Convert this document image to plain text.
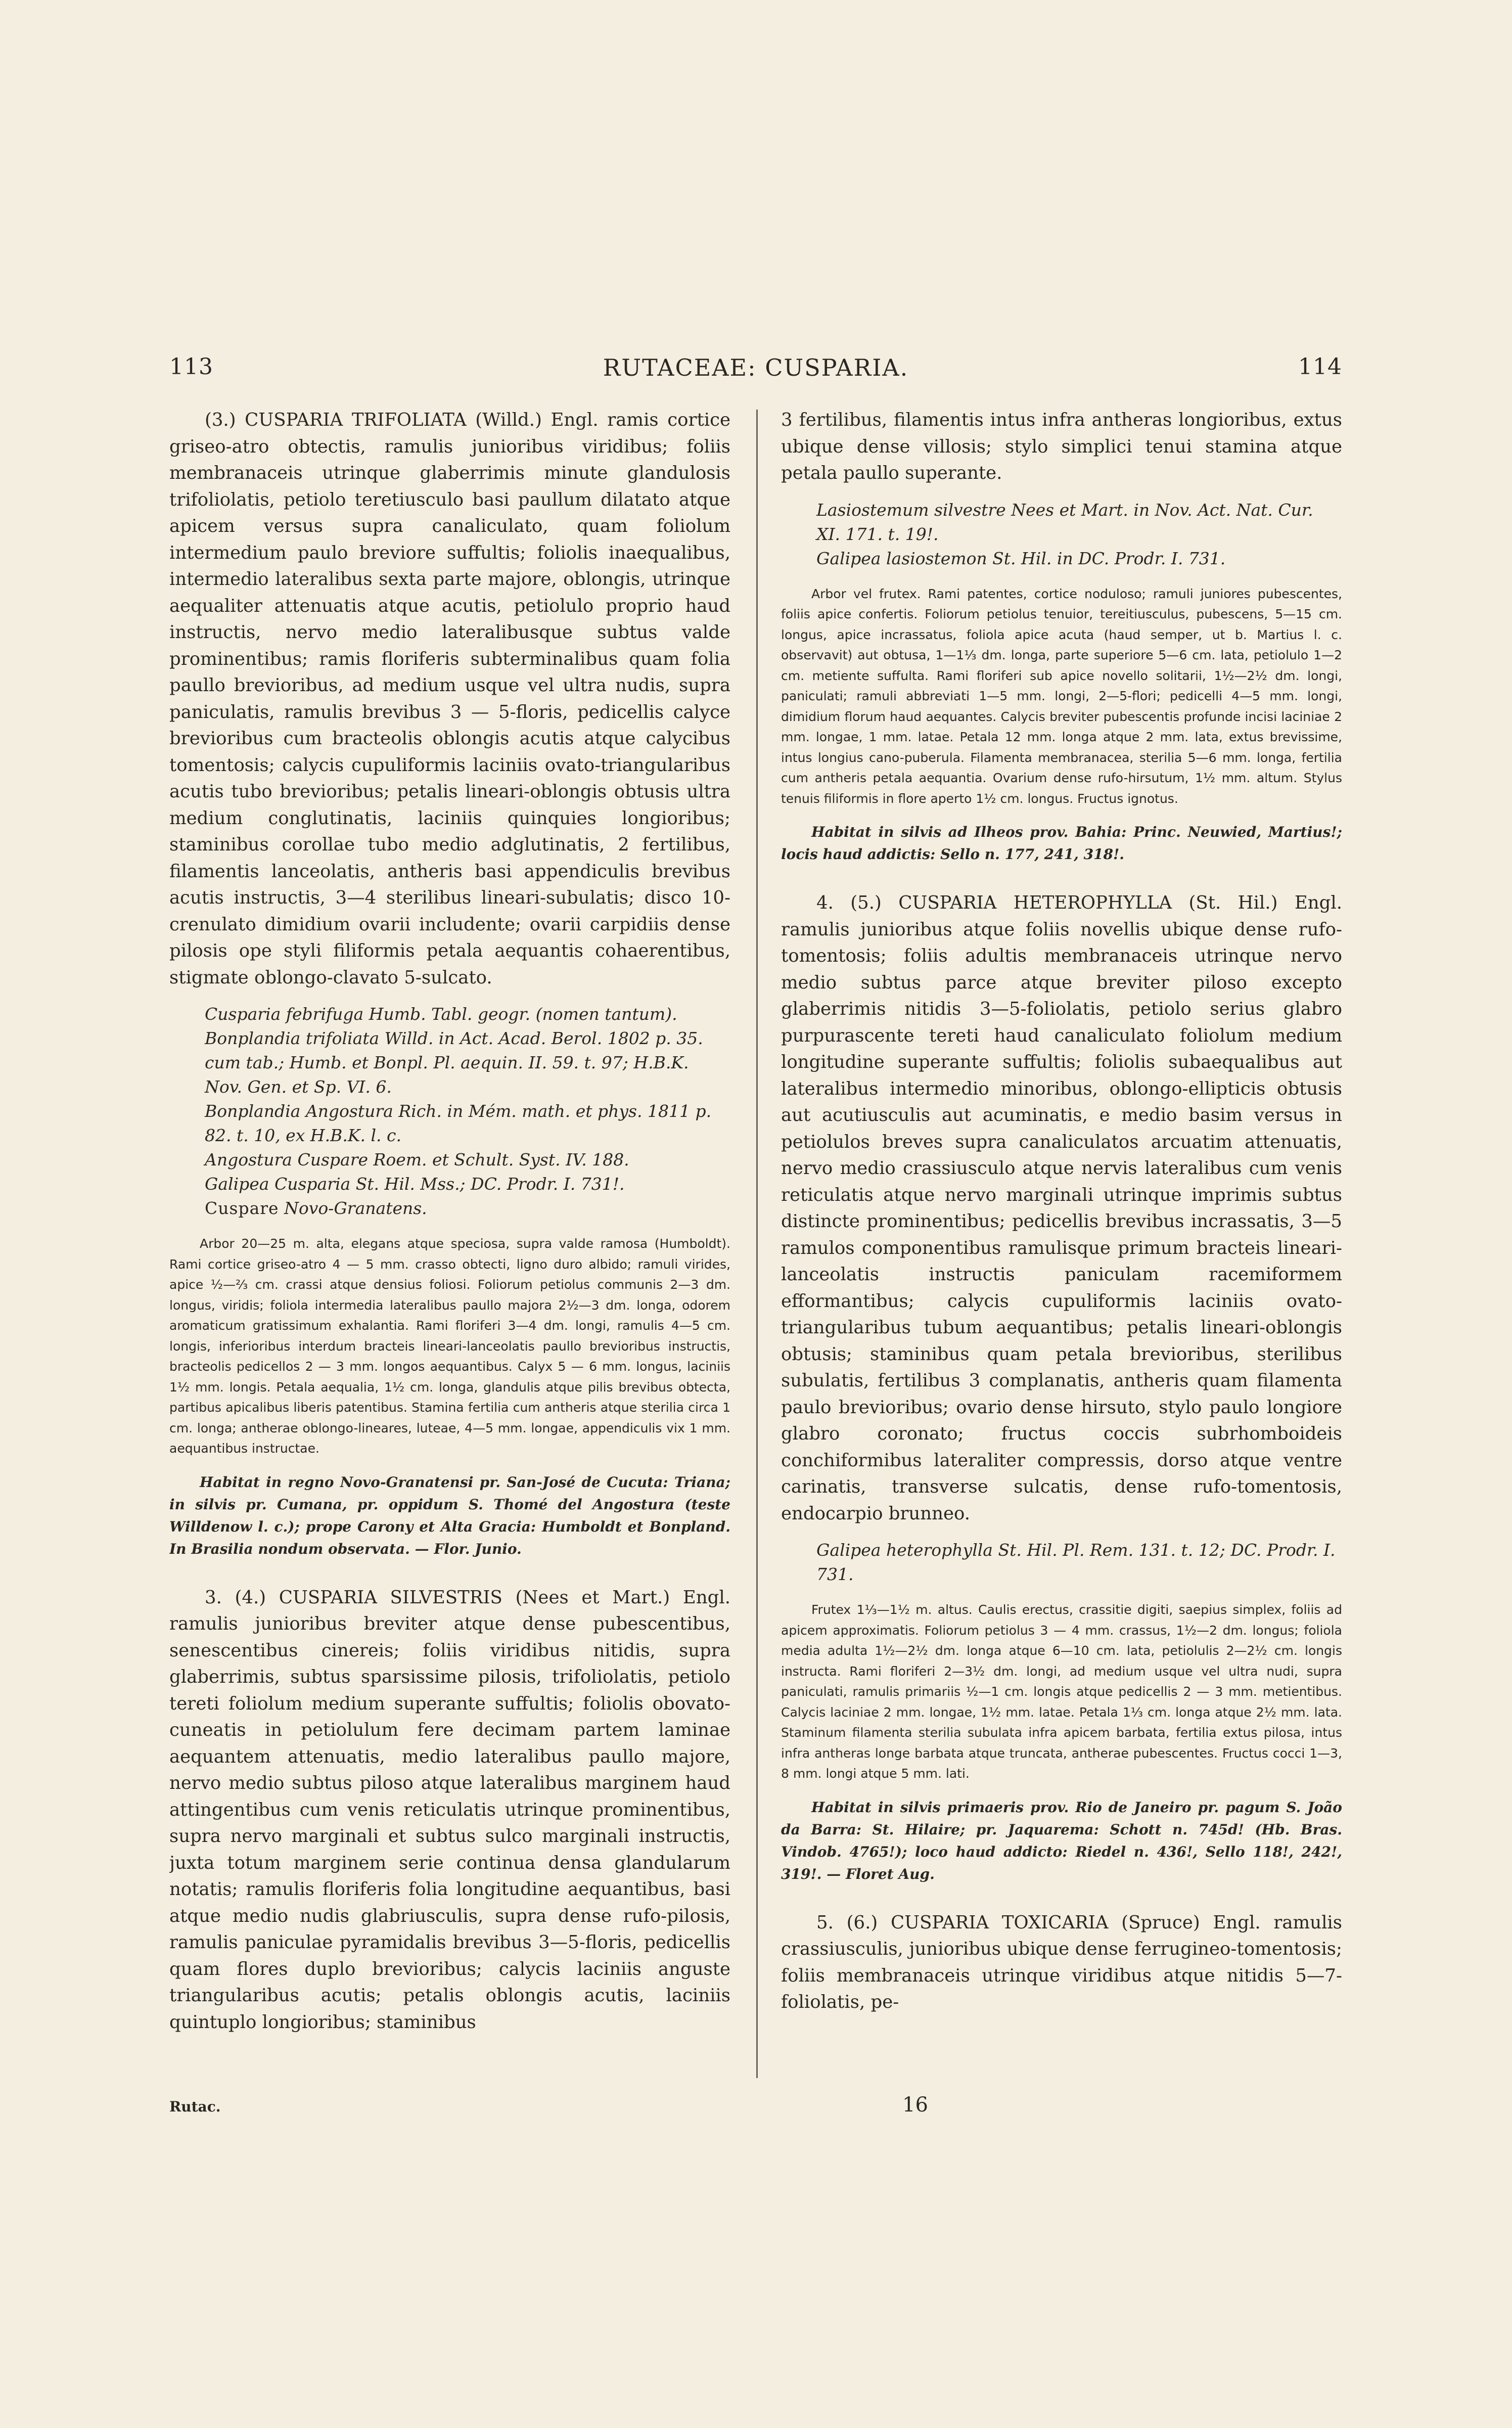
113	RUTACEAE: CUSPARIA.	114

(3.) CUSPARIA TRIFOLIATA (Willd.) Engl. ramis cortice griseo-atro obtectis, ramulis junioribus viridibus; foliis membranaceis utrinque glaberrimis minute glandulosis trifoliolatis, petiolo teretiusculo basi paullum dilatato atque apicem versus supra canaliculato, quam foliolum intermedium paulo breviore suffultis; foliolis inaequalibus, intermedio lateralibus sexta parte majore, oblongis, utrinque aequaliter attenuatis atque acutis, petiolulo proprio haud instructis, nervo medio lateralibusque subtus valde prominentibus; ramis floriferis subterminalibus quam folia paullo brevioribus, ad medium usque vel ultra nudis, supra paniculatis, ramulis brevibus 3 — 5-floris, pedicellis calyce brevioribus cum bracteolis oblongis acutis atque calycibus tomentosis; calycis cupuliformis laciniis ovato-triangularibus acutis tubo brevioribus; petalis lineari-oblongis obtusis ultra medium conglutinatis, laciniis quinquies longioribus; staminibus corollae tubo medio adglutinatis, 2 fertilibus, filamentis lanceolatis, antheris basi appendiculis brevibus acutis instructis, 3—4 sterilibus lineari-subulatis; disco 10-crenulato dimidium ovarii includente; ovarii carpidiis dense pilosis ope styli filiformis petala aequantis cohaerentibus, stigmate oblongo-clavato 5-sulcato.

Cusparia febrifuga Humb. Tabl. geogr. (nomen tantum).

Bonplandia trifoliata Willd. in Act. Acad. Berol. 1802 p. 35. cum tab.; Humb. et Bonpl. Pl. aequin. II. 59. t. 97; H.B.K. Nov. Gen. et Sp. VI. 6.

Bonplandia Angostura Rich. in Mém. math. et phys. 1811 p. 82. t. 10, ex H.B.K. l. c.

Angostura Cuspare Roem. et Schult. Syst. IV. 188.

Galipea Cusparia St. Hil. Mss.; DC. Prodr. I. 731!.

Cuspare Novo-Granatens.

Arbor 20—25 m. alta, elegans atque speciosa, supra valde ramosa (Humboldt). Rami cortice griseo-atro 4 — 5 mm. crasso obtecti, ligno duro albido; ramuli virides, apice ½—⅔ cm. crassi atque densius foliosi. Foliorum petiolus communis 2—3 dm. longus, viridis; foliola intermedia lateralibus paullo majora 2½—3 dm. longa, odorem aromaticum gratissimum exhalantia. Rami floriferi 3—4 dm. longi, ramulis 4—5 cm. longis, inferioribus interdum bracteis lineari-lanceolatis paullo brevioribus instructis, bracteolis pedicellos 2 — 3 mm. longos aequantibus. Calyx 5 — 6 mm. longus, laciniis 1½ mm. longis. Petala aequalia, 1½ cm. longa, glandulis atque pilis brevibus obtecta, partibus apicalibus liberis patentibus. Stamina fertilia cum antheris atque sterilia circa 1 cm. longa; antherae oblongo-lineares, luteae, 4—5 mm. longae, appendiculis vix 1 mm. aequantibus instructae.

Habitat in regno Novo-Granatensi pr. San-José de Cucuta: Triana; in silvis pr. Cumana, pr. oppidum S. Thomé del Angostura (teste Willdenow l. c.); prope Carony et Alta Gracia: Humboldt et Bonpland. In Brasilia nondum observata. — Flor. Junio.

3. (4.) CUSPARIA SILVESTRIS (Nees et Mart.) Engl. ramulis junioribus breviter atque dense pubescentibus, senescentibus cinereis; foliis viridibus nitidis, supra glaberrimis, subtus sparsissime pilosis, trifoliolatis, petiolo tereti foliolum medium superante suffultis; foliolis obovato-cuneatis in petiolulum fere decimam partem laminae aequantem attenuatis, medio lateralibus paullo majore, nervo medio subtus piloso atque lateralibus marginem haud attingentibus cum venis reticulatis utrinque prominentibus, supra nervo marginali et subtus sulco marginali instructis, juxta totum marginem serie continua densa glandularum notatis; ramulis floriferis folia longitudine aequantibus, basi atque medio nudis glabriusculis, supra dense rufo-pilosis, ramulis paniculae pyramidalis brevibus 3—5-floris, pedicellis quam flores duplo brevioribus; calycis laciniis anguste triangularibus acutis; petalis oblongis acutis, laciniis quintuplo longioribus; staminibus

3 fertilibus, filamentis intus infra antheras longioribus, extus ubique dense villosis; stylo simplici tenui stamina atque petala paullo superante.

Lasiostemum silvestre Nees et Mart. in Nov. Act. Nat. Cur. XI. 171. t. 19!.

Galipea lasiostemon St. Hil. in DC. Prodr. I. 731.

Arbor vel frutex. Rami patentes, cortice noduloso; ramuli juniores pubescentes, foliis apice confertis. Foliorum petiolus tenuior, tereitiusculus, pubescens, 5—15 cm. longus, apice incrassatus, foliola apice acuta (haud semper, ut b. Martius l. c. observavit) aut obtusa, 1—1⅓ dm. longa, parte superiore 5—6 cm. lata, petiolulo 1—2 cm. metiente suffulta. Rami floriferi sub apice novello solitarii, 1½—2½ dm. longi, paniculati; ramuli abbreviati 1—5 mm. longi, 2—5-flori; pedicelli 4—5 mm. longi, dimidium florum haud aequantes. Calycis breviter pubescentis profunde incisi laciniae 2 mm. longae, 1 mm. latae. Petala 12 mm. longa atque 2 mm. lata, extus brevissime, intus longius cano-puberula. Filamenta membranacea, sterilia 5—6 mm. longa, fertilia cum antheris petala aequantia. Ovarium dense rufo-hirsutum, 1½ mm. altum. Stylus tenuis filiformis in flore aperto 1½ cm. longus. Fructus ignotus.

Habitat in silvis ad Ilheos prov. Bahia: Princ. Neuwied, Martius!; locis haud addictis: Sello n. 177, 241, 318!.

4. (5.) CUSPARIA HETEROPHYLLA (St. Hil.) Engl. ramulis junioribus atque foliis novellis ubique dense rufo-tomentosis; foliis adultis membranaceis utrinque nervo medio subtus parce atque breviter piloso excepto glaberrimis nitidis 3—5-foliolatis, petiolo serius glabro purpurascente tereti haud canaliculato foliolum medium longitudine superante suffultis; foliolis subaequalibus aut lateralibus intermedio minoribus, oblongo-ellipticis obtusis aut acutiusculis aut acuminatis, e medio basim versus in petiolulos breves supra canaliculatos arcuatim attenuatis, nervo medio crassiusculo atque nervis lateralibus cum venis reticulatis atque nervo marginali utrinque imprimis subtus distincte prominentibus; pedicellis brevibus incrassatis, 3—5 ramulos componentibus ramulisque primum bracteis lineari-lanceolatis instructis paniculam racemiformem efformantibus; calycis cupuliformis laciniis ovato-triangularibus tubum aequantibus; petalis lineari-oblongis obtusis; staminibus quam petala brevioribus, sterilibus subulatis, fertilibus 3 complanatis, antheris quam filamenta paulo brevioribus; ovario dense hirsuto, stylo paulo longiore glabro coronato; fructus coccis subrhomboideis conchiformibus lateraliter compressis, dorso atque ventre carinatis, transverse sulcatis, dense rufo-tomentosis, endocarpio brunneo.

Galipea heterophylla St. Hil. Pl. Rem. 131. t. 12; DC. Prodr. I. 731.

Frutex 1⅓—1½ m. altus. Caulis erectus, crassitie digiti, saepius simplex, foliis ad apicem approximatis. Foliorum petiolus 3 — 4 mm. crassus, 1½—2 dm. longus; foliola media adulta 1½—2½ dm. longa atque 6—10 cm. lata, petiolulis 2—2½ cm. longis instructa. Rami floriferi 2—3½ dm. longi, ad medium usque vel ultra nudi, supra paniculati, ramulis primariis ½—1 cm. longis atque pedicellis 2 — 3 mm. metientibus. Calycis laciniae 2 mm. longae, 1½ mm. latae. Petala 1⅓ cm. longa atque 2½ mm. lata. Staminum filamenta sterilia subulata infra apicem barbata, fertilia extus pilosa, intus infra antheras longe barbata atque truncata, antherae pubescentes. Fructus cocci 1—3, 8 mm. longi atque 5 mm. lati.

Habitat in silvis primaeris prov. Rio de Janeiro pr. pagum S. João da Barra: St. Hilaire; pr. Jaquarema: Schott n. 745d! (Hb. Bras. Vindob. 4765!); loco haud addicto: Riedel n. 436!, Sello 118!, 242!, 319!. — Floret Aug.

5. (6.) CUSPARIA TOXICARIA (Spruce) Engl. ramulis crassiusculis, junioribus ubique dense ferrugineo-tomentosis; foliis membranaceis utrinque viridibus atque nitidis 5—7-foliolatis, pe-

Rutac.	16
